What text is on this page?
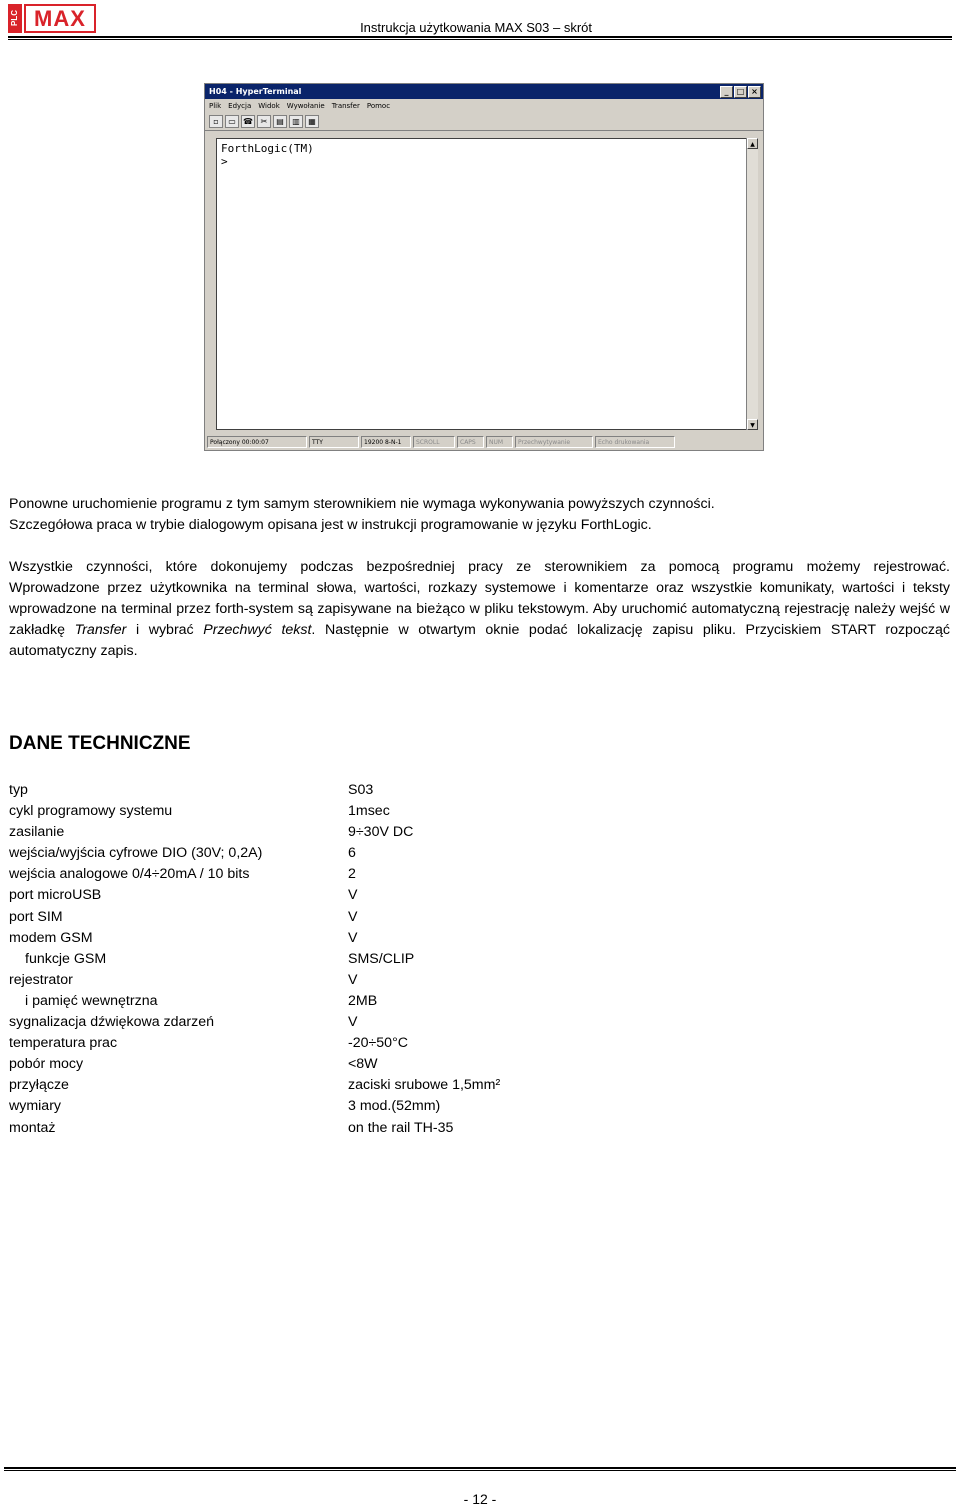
PLC MAX	Instrukcja użytkowania MAX S03 – skrót
H04 - HyperTerminal	_	□ ×
Plik Edycja Widok Wywołanie Transfer Pomoc
▫	▭ ☎ ✂	▤	▥	▦
ForthLogic(TM)
>
▲
▼
Połączony 00:00:07	TTY	19200 8-N-1	SCROLL	CAPS	NUM	Przechwytywanie	Echo drukowania

Ponowne uruchomienie programu z tym samym sterownikiem nie wymaga wykonywania powyższych czynności.

Szczegółowa praca w trybie dialogowym opisana jest w instrukcji programowanie w języku ForthLogic.

Wszystkie czynności, które dokonujemy podczas bezpośredniej pracy ze sterownikiem za pomocą programu możemy rejestrować.

Wprowadzone przez użytkownika na terminal słowa, wartości, rozkazy systemowe i komentarze oraz wszystkie komunikaty, wartości i teksty wprowadzone na terminal przez forth-system są zapisywane na bieżąco w pliku tekstowym. Aby uruchomić automatyczną rejestrację należy wejść w zakładkę Transfer i wybrać Przechwyć tekst. Następnie w otwartym oknie podać lokalizację zapisu pliku. Przyciskiem START rozpocząć automatyczny zapis.

DANE TECHNICZNE
typ	S03
cykl programowy systemu	1msec
zasilanie	9÷30V DC
wejścia/wyjścia cyfrowe DIO (30V; 0,2A)	6
wejścia analogowe 0/4÷20mA / 10 bits	2
port microUSB	V
port SIM	V
modem GSM	V
funkcje GSM	SMS/CLIP
rejestrator	V
i pamięć wewnętrzna	2MB
sygnalizacja dźwiękowa zdarzeń	V
temperatura prac	-20÷50°C
pobór mocy	<8W
przyłącze	zaciski srubowe 1,5mm²
wymiary	3 mod.(52mm)
montaż	on the rail TH-35
- 12 -
